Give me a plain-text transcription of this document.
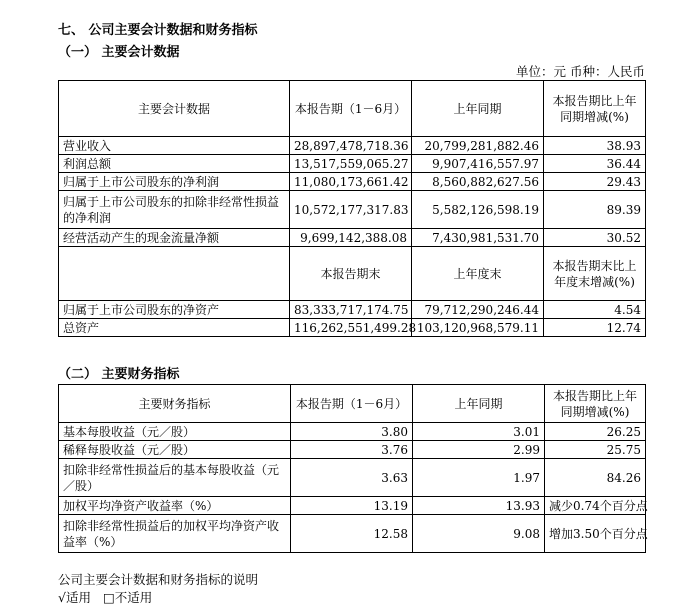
七、 公司主要会计数据和财务指标
（一） 主要会计数据
单位：元 币种：人民币
主要会计数据	本报告期（1－6月）	上年同期	本报告期比上年同期增减(%)
营业收入	28,897,478,718.36	20,799,281,882.46	38.93
利润总额	13,517,559,065.27	9,907,416,557.97	36.44
归属于上市公司股东的净利润	11,080,173,661.42	8,560,882,627.56	29.43
归属于上市公司股东的扣除非经常性损益的净利润	10,572,177,317.83	5,582,126,598.19	89.39
经营活动产生的现金流量净额	9,699,142,388.08	7,430,981,531.70	30.52
	本报告期末	上年度末	本报告期末比上年度末增减(%)
归属于上市公司股东的净资产	83,333,717,174.75	79,712,290,246.44	4.54
总资产	116,262,551,499.28	103,120,968,579.11	12.74
（二） 主要财务指标
主要财务指标	本报告期（1－6月）	上年同期	本报告期比上年同期增减(%)
基本每股收益（元／股）	3.80	3.01	26.25
稀释每股收益（元／股）	3.76	2.99	25.75
扣除非经常性损益后的基本每股收益（元／股）	3.63	1.97	84.26
加权平均净资产收益率（%）	13.19	13.93	减少0.74个百分点
扣除非经常性损益后的加权平均净资产收益率（%）	12.58	9.08	增加3.50个百分点
公司主要会计数据和财务指标的说明
√适用 □不适用
